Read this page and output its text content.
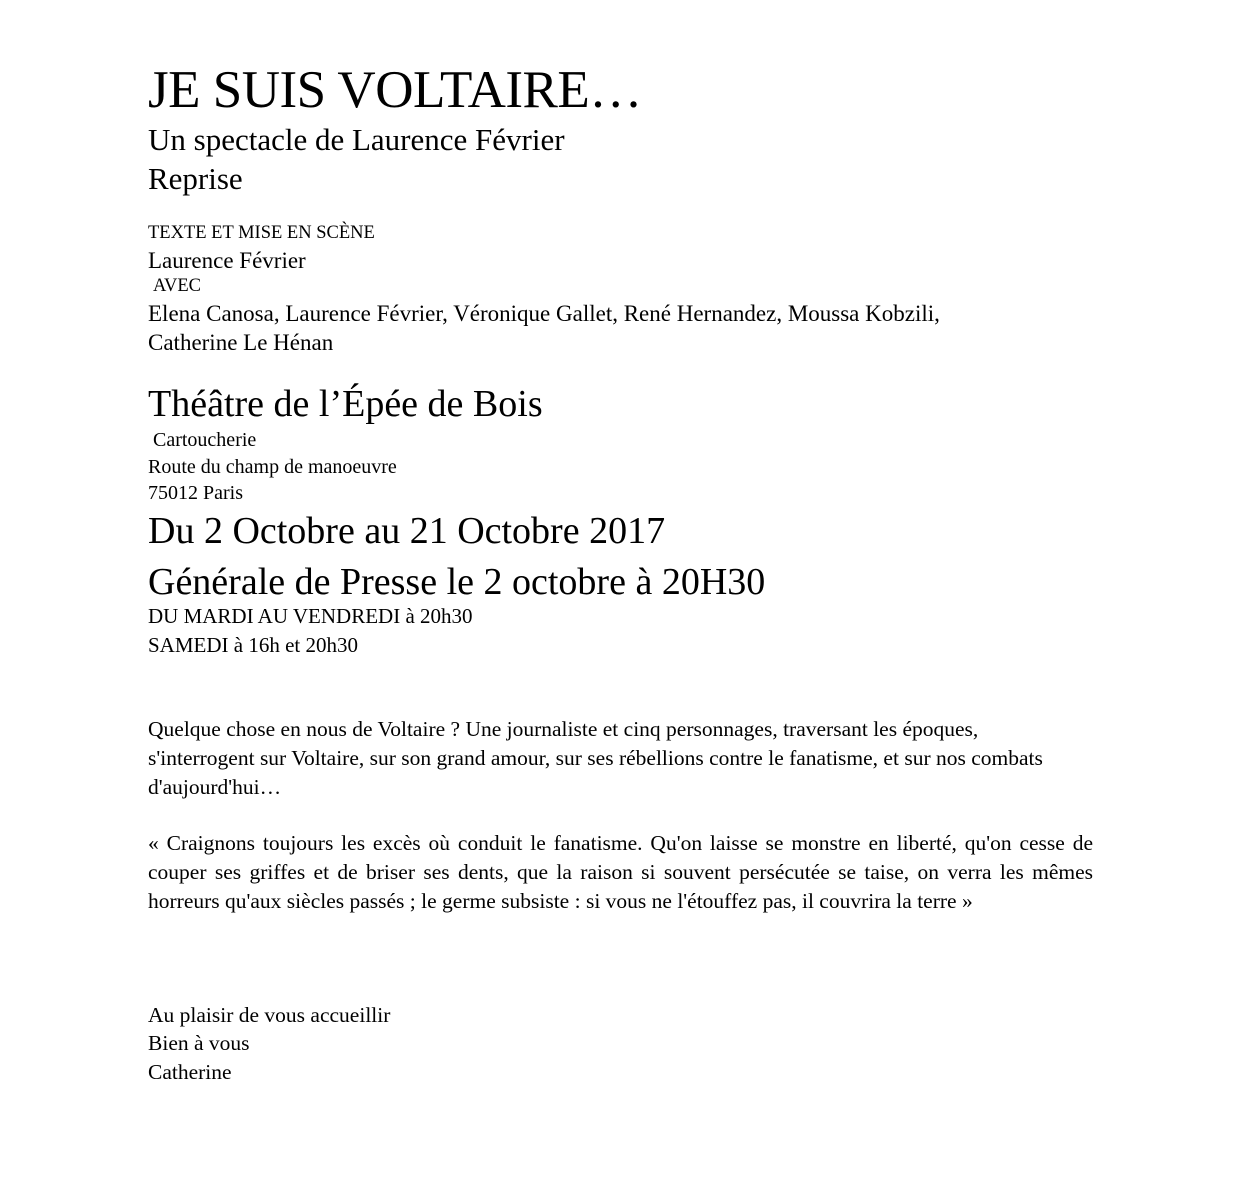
JE SUIS VOLTAIRE…
Un spectacle de Laurence Février
Reprise
TEXTE ET MISE EN SCÈNE
Laurence Février
AVEC
Elena Canosa, Laurence Février, Véronique Gallet, René Hernandez, Moussa Kobzili,
Catherine Le Hénan
Théâtre de l’Épée de Bois
Cartoucherie
Route du champ de manoeuvre
75012 Paris
Du 2 Octobre au 21 Octobre 2017
Générale de Presse le 2 octobre à 20H30
DU MARDI AU VENDREDI à 20h30
SAMEDI à 16h et 20h30
Quelque chose en nous de Voltaire ? Une journaliste et cinq personnages, traversant les époques, s'interrogent sur Voltaire, sur son grand amour, sur ses rébellions contre le fanatisme, et sur nos combats d'aujourd'hui…
« Craignons toujours les excès où conduit le fanatisme. Qu'on laisse se monstre en liberté, qu'on cesse de couper ses griffes et de briser ses dents, que la raison si souvent persécutée se taise, on verra les mêmes horreurs qu'aux siècles passés ; le germe subsiste : si vous ne l'étouffez pas, il couvrira la terre »
Au plaisir de vous accueillir
Bien à vous
Catherine
